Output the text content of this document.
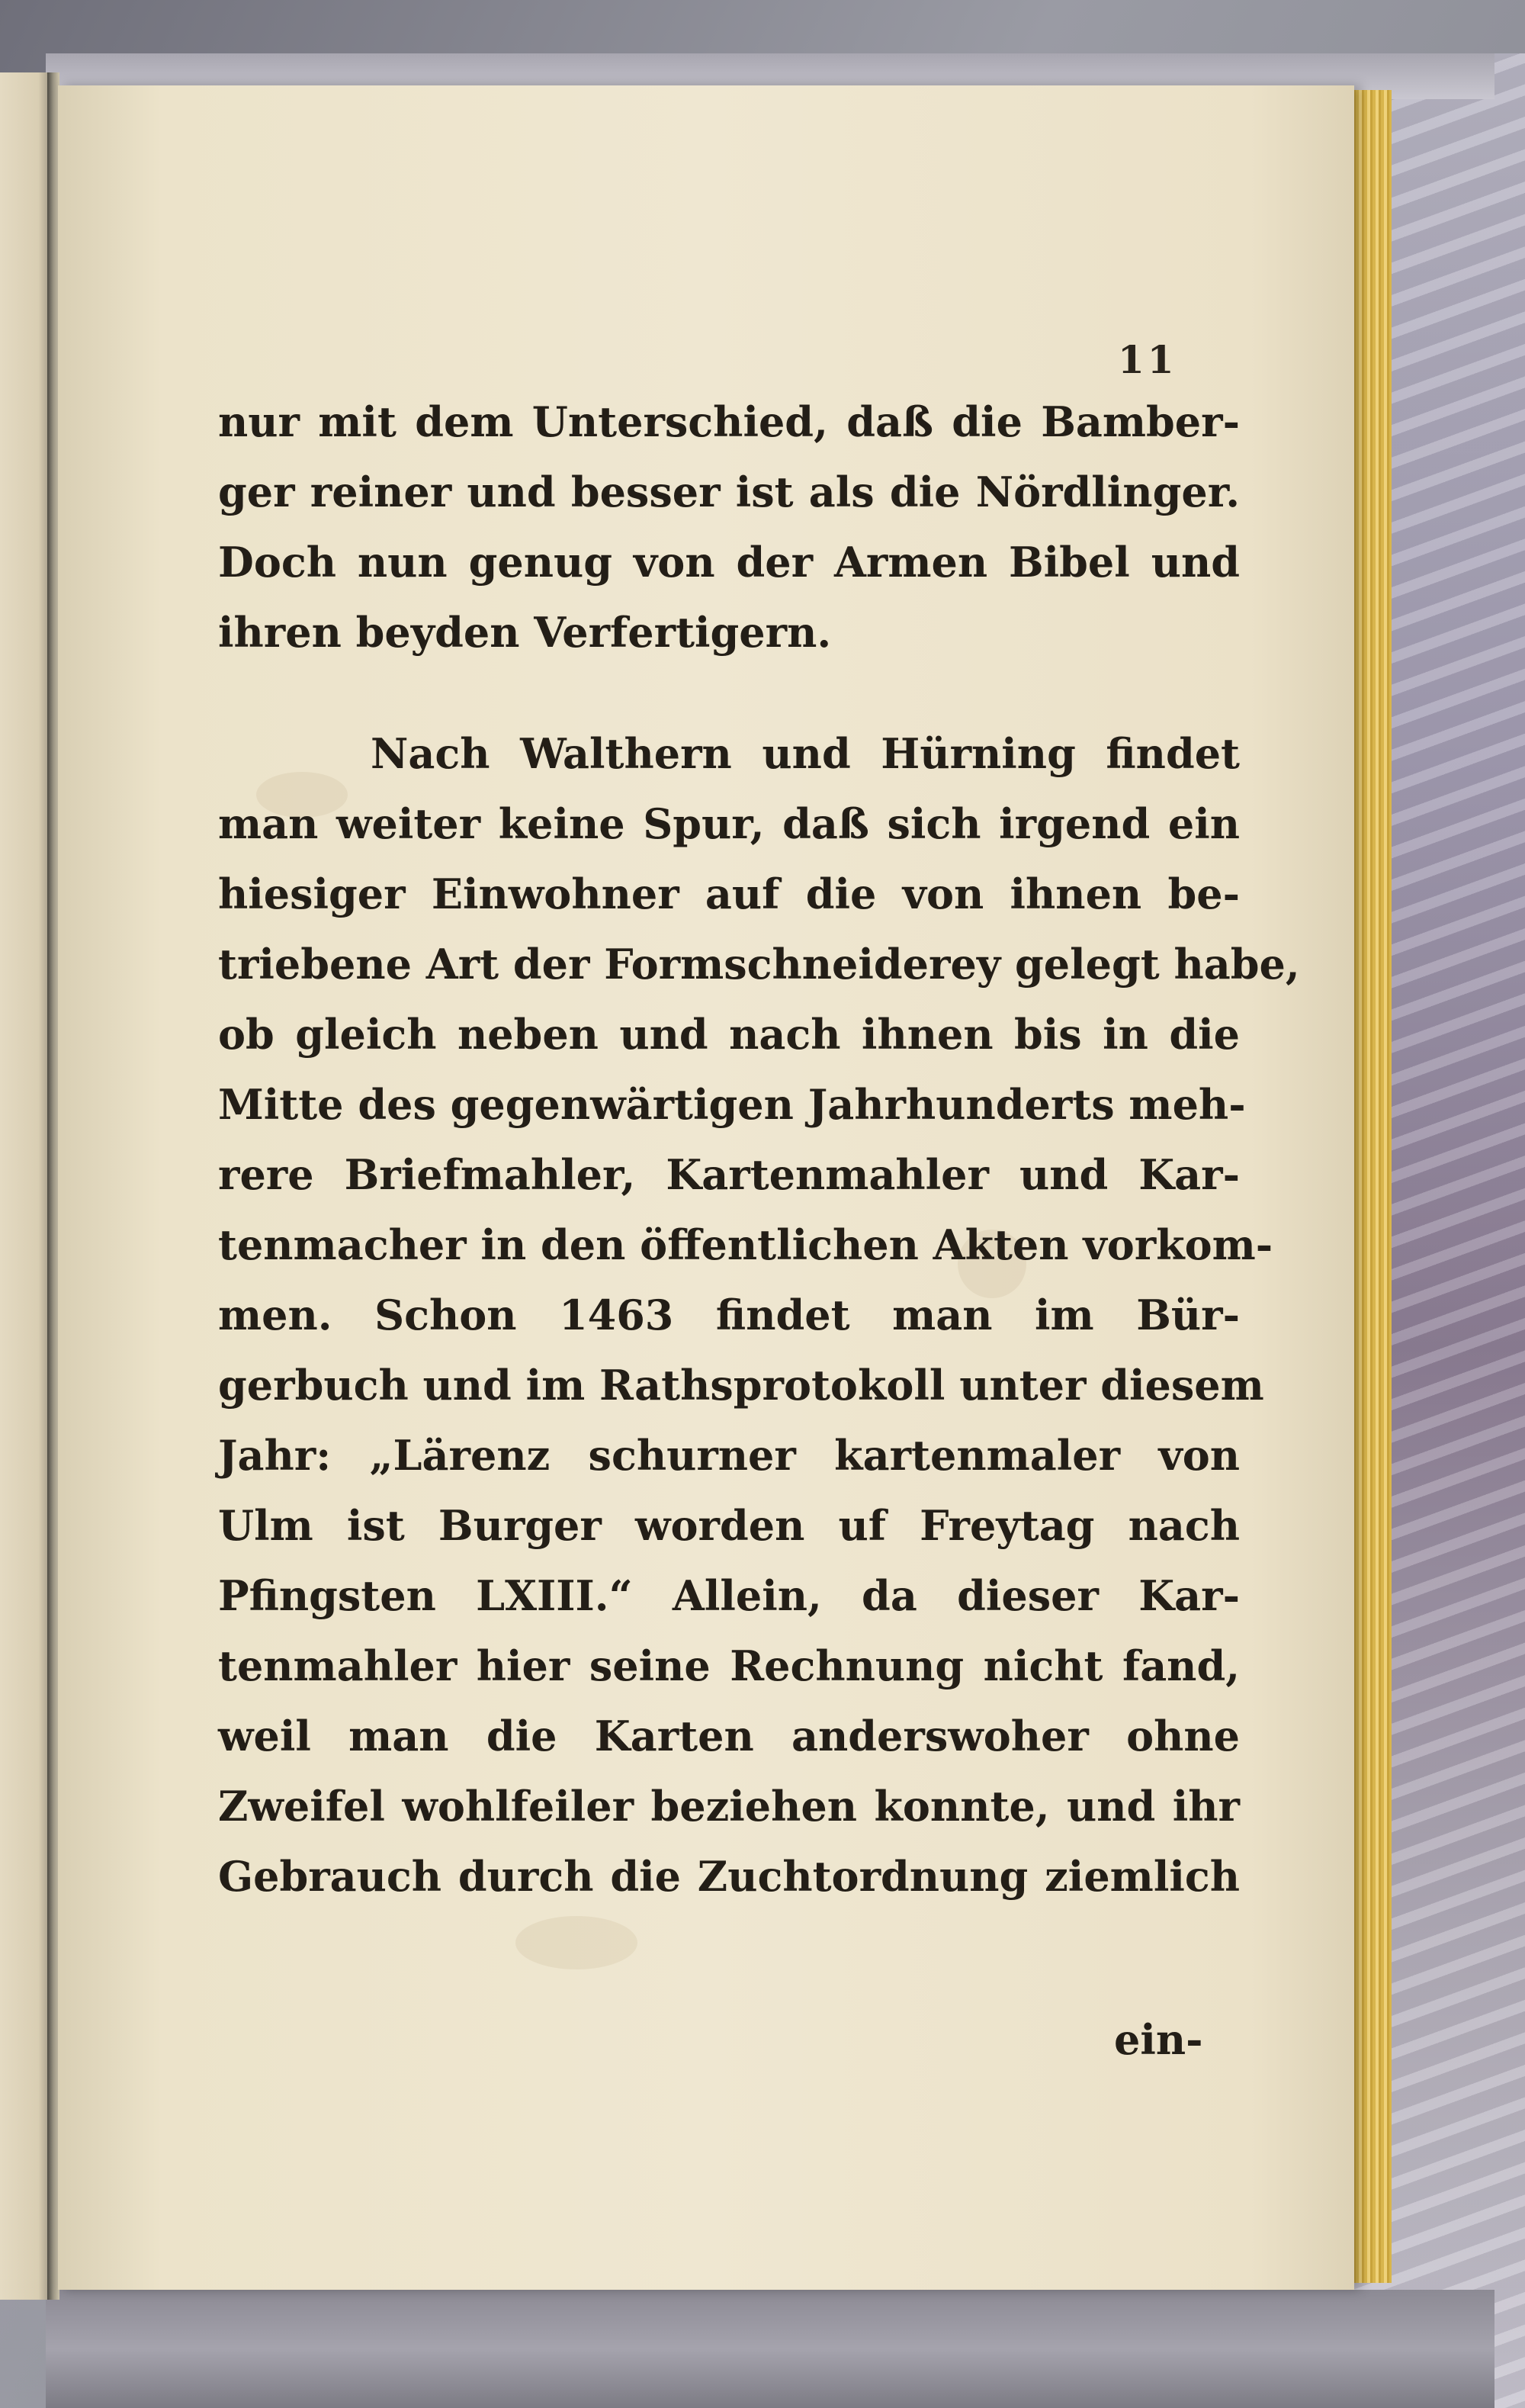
11
nur mit dem Unterschied, daß die Bamber-
ger reiner und besser ist als die Nördlinger.
Doch nun genug von der Armen Bibel und
ihren beyden Verfertigern.
Nach Walthern und Hürning findet
man weiter keine Spur, daß sich irgend ein
hiesiger Einwohner auf die von ihnen be-
triebene Art der Formschneiderey gelegt habe,
ob gleich neben und nach ihnen bis in die
Mitte des gegenwärtigen Jahrhunderts meh-
rere Briefmahler, Kartenmahler und Kar-
tenmacher in den öffentlichen Akten vorkom-
men. Schon 1463 findet man im Bür-
gerbuch und im Rathsprotokoll unter diesem
Jahr: „Lärenz schurner kartenmaler von
Ulm ist Burger worden uf Freytag nach
Pfingsten LXIII.“ Allein, da dieser Kar-
tenmahler hier seine Rechnung nicht fand,
weil man die Karten anderswoher ohne
Zweifel wohlfeiler beziehen konnte, und ihr
Gebrauch durch die Zuchtordnung ziemlich
ein-
